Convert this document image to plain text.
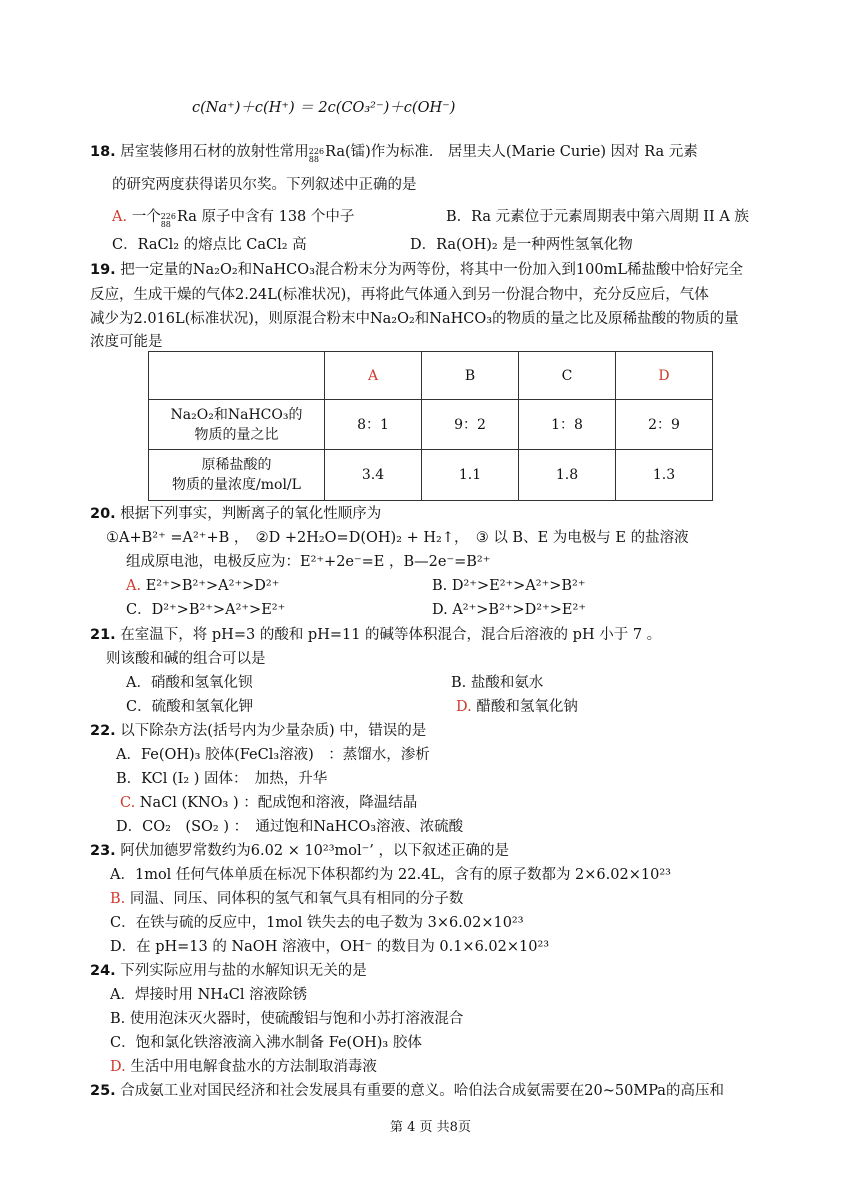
c(Na⁺)＋c(H⁺) ＝ 2c(CO₃²⁻)＋c(OH⁻)
18. 居室装修用石材的放射性常用 226
88 Ra(镭)作为标准.　居里夫人(Marie Curie) 因对 Ra 元素
的研究两度获得诺贝尔奖。下列叙述中正确的是
A. 一个 226
88 Ra 原子中含有 138 个中子	B．Ra 元素位于元素周期表中第六周期 II A 族
C．RaCl₂ 的熔点比 CaCl₂ 高	D．Ra(OH)₂ 是一种两性氢氧化物
19. 把一定量的Na₂O₂和NaHCO₃混合粉末分为两等份，将其中一份加入到100mL稀盐酸中恰好完全
反应，生成干燥的气体2.24L(标准状况)，再将此气体通入到另一份混合物中，充分反应后，气体
减少为2.016L(标准状况)，则原混合粉末中Na₂O₂和NaHCO₃的物质的量之比及原稀盐酸的物质的量
浓度可能是
	A	B	C	D

Na₂O₂和NaHCO₃的
物质的量之比	8：1	9：2	1：8	2：9

原稀盐酸的
物质的量浓度/mol/L	3.4	1.1	1.8	1.3
20. 根据下列事实，判断离子的氧化性顺序为
①A+B²⁺ =A²⁺+B ，　②D +2H₂O=D(OH)₂ + H₂↑，　③ 以 B、E 为电极与 E 的盐溶液
组成原电池，电极反应为：E²⁺+2e⁻=E ，B—2e⁻=B²⁺
A. E²⁺>B²⁺>A²⁺>D²⁺	B. D²⁺>E²⁺>A²⁺>B²⁺
C．D²⁺>B²⁺>A²⁺>E²⁺	D. A²⁺>B²⁺>D²⁺>E²⁺
21. 在室温下，将 pH=3 的酸和 pH=11 的碱等体积混合，混合后溶液的 pH 小于 7 。
则该酸和碱的组合可以是
A．硝酸和氢氧化钡	B. 盐酸和氨水
C．硫酸和氢氧化钾	D. 醋酸和氢氧化钠
22. 以下除杂方法(括号内为少量杂质) 中，错误的是
A．Fe(OH)₃ 胶体(FeCl₃溶液)　：蒸馏水，渗析
B．KCl (I₂ ) 固体：　加热，升华
C. NaCl (KNO₃ ) ：配成饱和溶液，降温结晶
D．CO₂　(SO₂ ) ：　通过饱和NaHCO₃溶液、浓硫酸
23. 阿伏加德罗常数约为6.02 × 10²³mol⁻’ ，以下叙述正确的是
A．1mol 任何气体单质在标况下体积都约为 22.4L，含有的原子数都为 2×6.02×10²³
B. 同温、同压、同体积的氢气和氧气具有相同的分子数
C．在铁与硫的反应中，1mol 铁失去的电子数为 3×6.02×10²³
D．在 pH=13 的 NaOH 溶液中，OH⁻ 的数目为 0.1×6.02×10²³
24. 下列实际应用与盐的水解知识无关的是
A．焊接时用 NH₄Cl 溶液除锈
B. 使用泡沫灭火器时，使硫酸铝与饱和小苏打溶液混合
C．饱和氯化铁溶液滴入沸水制备 Fe(OH)₃ 胶体
D. 生活中用电解食盐水的方法制取消毒液
25. 合成氨工业对国民经济和社会发展具有重要的意义。哈伯法合成氨需要在20~50MPa的高压和
第 4 页 共8页
